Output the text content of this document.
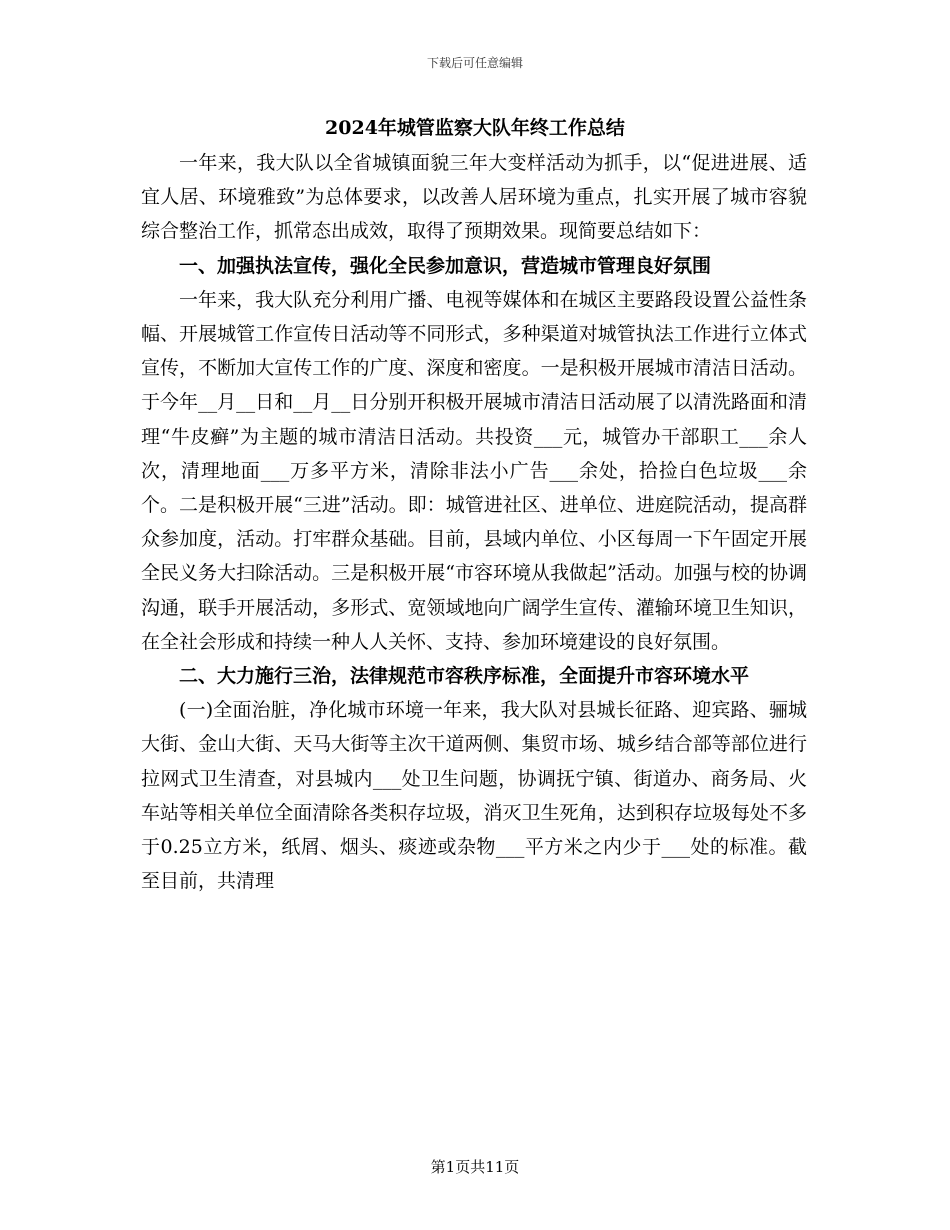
下载后可任意编辑
2024年城管监察大队年终工作总结

一年来，我大队以全省城镇面貌三年大变样活动为抓手，以“促进进展、适宜人居、环境雅致”为总体要求，以改善人居环境为重点，扎实开展了城市容貌综合整治工作，抓常态出成效，取得了预期效果。现简要总结如下：

一、加强执法宣传，强化全民参加意识，营造城市管理良好氛围

一年来，我大队充分利用广播、电视等媒体和在城区主要路段设置公益性条幅、开展城管工作宣传日活动等不同形式，多种渠道对城管执法工作进行立体式宣传，不断加大宣传工作的广度、深度和密度。一是积极开展城市清洁日活动。于今年__月__日和__月__日分别开积极开展城市清洁日活动展了以清洗路面和清理“牛皮癣”为主题的城市清洁日活动。共投资___元，城管办干部职工___余人次，清理地面___万多平方米，清除非法小广告___余处，拾捡白色垃圾___余个。二是积极开展“三进”活动。即：城管进社区、进单位、进庭院活动，提高群众参加度，活动。打牢群众基础。目前，县域内单位、小区每周一下午固定开展全民义务大扫除活动。三是积极开展“市容环境从我做起”活动。加强与校的协调沟通，联手开展活动，多形式、宽领域地向广阔学生宣传、灌输环境卫生知识，在全社会形成和持续一种人人关怀、支持、参加环境建设的良好氛围。

二、大力施行三治，法律规范市容秩序标准，全面提升市容环境水平

(一)全面治脏，净化城市环境一年来，我大队对县城长征路、迎宾路、骊城大街、金山大街、天马大街等主次干道两侧、集贸市场、城乡结合部等部位进行拉网式卫生清查，对县城内___处卫生问题，协调抚宁镇、街道办、商务局、火车站等相关单位全面清除各类积存垃圾，消灭卫生死角，达到积存垃圾每处不多于0.25立方米，纸屑、烟头、痰迹或杂物___平方米之内少于___处的标准。截至目前，共清理

第1页共11页
